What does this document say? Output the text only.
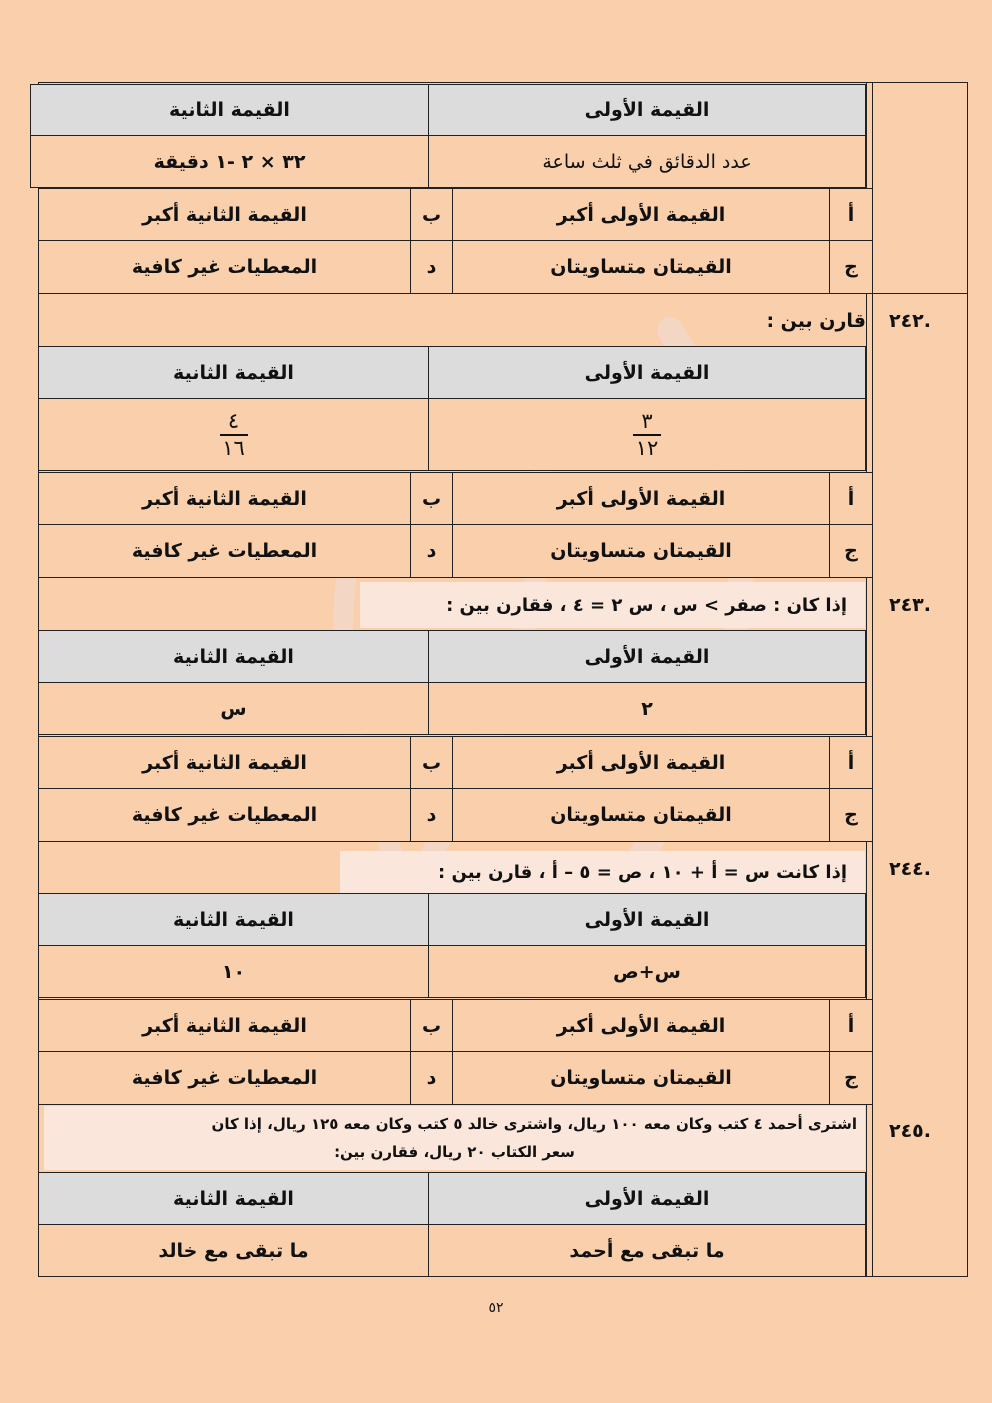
القيمة الأولى
القيمة الثانية
عدد الدقائق في ثلث ساعة
٣٢ × ٢ -١ دقيقة
أ
القيمة الأولى أكبر
ب
القيمة الثانية أكبر
ج
القيمتان متساويتان
د
المعطيات غير كافية
.٢٤٢
قارن بين :
القيمة الأولى
القيمة الثانية
$\frac{٣}{١٢}$
$\frac{٤}{١٦}$
أ
القيمة الأولى أكبر
ب
القيمة الثانية أكبر
ج
القيمتان متساويتان
د
المعطيات غير كافية
.٢٤٣
إذا كان : صفر > س ، س ٢ = ٤ ، فقارن بين :
القيمة الأولى
القيمة الثانية
٢
س
أ
القيمة الأولى أكبر
ب
القيمة الثانية أكبر
ج
القيمتان متساويتان
د
المعطيات غير كافية
.٢٤٤
إذا كانت س = أ + ١٠ ، ص = ٥ – أ ، قارن بين :
القيمة الأولى
القيمة الثانية
س+ص
١٠
أ
القيمة الأولى أكبر
ب
القيمة الثانية أكبر
ج
القيمتان متساويتان
د
المعطيات غير كافية
.٢٤٥
اشترى أحمد ٤ كتب وكان معه ١٠٠ ريال، واشترى خالد ٥ كتب وكان معه ١٢٥ ريال، إذا كان
سعر الكتاب ٢٠ ريال، فقارن بين:
القيمة الأولى
القيمة الثانية
ما تبقى مع أحمد
ما تبقى مع خالد
٥٢
